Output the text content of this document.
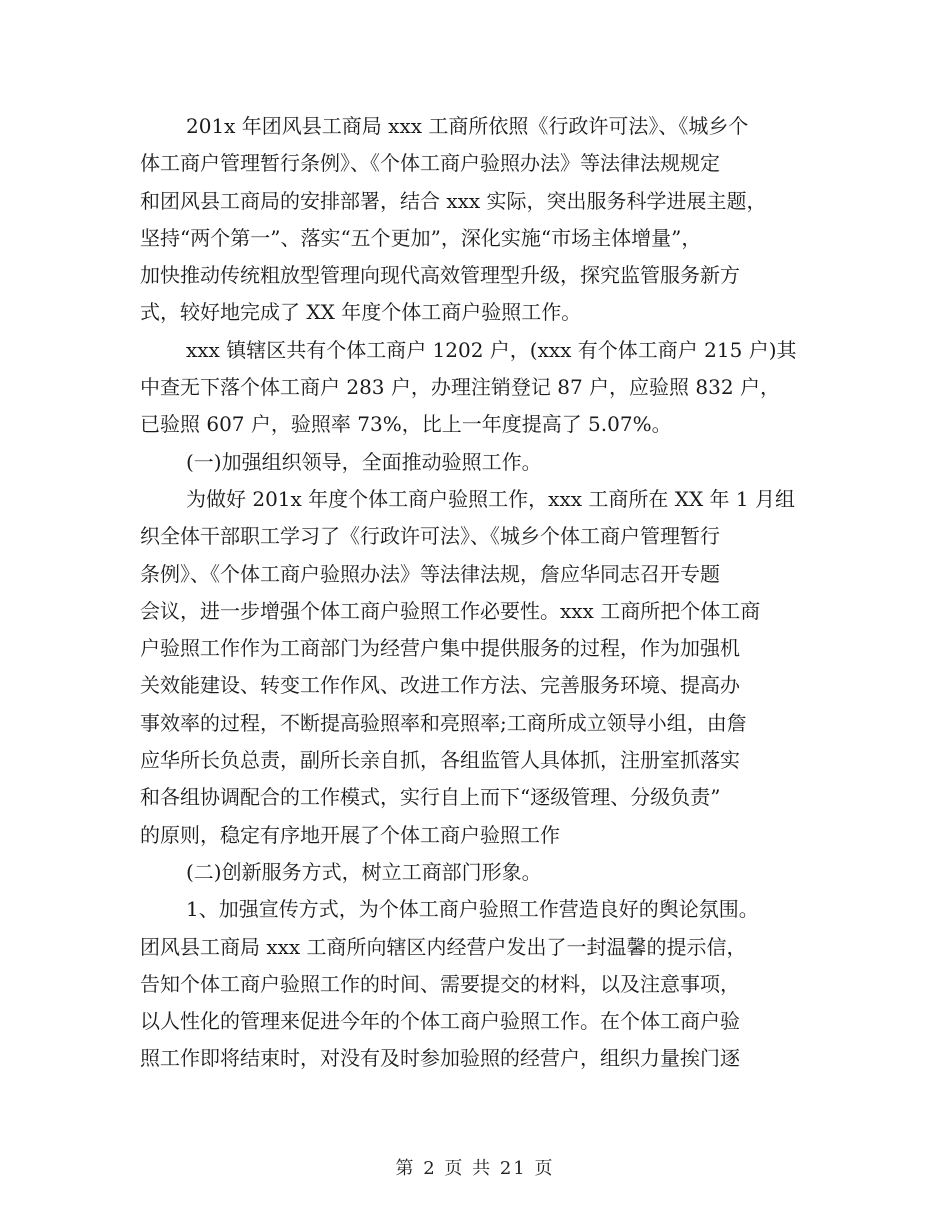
201x 年团风县工商局 xxx 工商所依照《行政许可法》、《城乡个
体工商户管理暂行条例》、《个体工商户验照办法》等法律法规规定
和团风县工商局的安排部署，结合 xxx 实际，突出服务科学进展主题，
坚持“两个第一”、落实“五个更加”，深化实施“市场主体增量”，
加快推动传统粗放型管理向现代高效管理型升级，探究监管服务新方
式，较好地完成了 XX 年度个体工商户验照工作。
xxx 镇辖区共有个体工商户 1202 户，(xxx 有个体工商户 215 户)其
中查无下落个体工商户 283 户，办理注销登记 87 户，应验照 832 户，
已验照 607 户，验照率 73%，比上一年度提高了 5.07%。
(一)加强组织领导，全面推动验照工作。
为做好 201x 年度个体工商户验照工作，xxx 工商所在 XX 年 1 月组
织全体干部职工学习了《行政许可法》、《城乡个体工商户管理暂行
条例》、《个体工商户验照办法》等法律法规，詹应华同志召开专题
会议，进一步增强个体工商户验照工作必要性。xxx 工商所把个体工商
户验照工作作为工商部门为经营户集中提供服务的过程，作为加强机
关效能建设、转变工作作风、改进工作方法、完善服务环境、提高办
事效率的过程，不断提高验照率和亮照率;工商所成立领导小组，由詹
应华所长负总责，副所长亲自抓，各组监管人具体抓，注册室抓落实
和各组协调配合的工作模式，实行自上而下“逐级管理、分级负责”
的原则，稳定有序地开展了个体工商户验照工作
(二)创新服务方式，树立工商部门形象。
1、加强宣传方式，为个体工商户验照工作营造良好的舆论氛围。
团风县工商局 xxx 工商所向辖区内经营户发出了一封温馨的提示信，
告知个体工商户验照工作的时间、需要提交的材料，以及注意事项，
以人性化的管理来促进今年的个体工商户验照工作。在个体工商户验
照工作即将结束时，对没有及时参加验照的经营户，组织力量挨门逐
第 2 页 共 21 页
